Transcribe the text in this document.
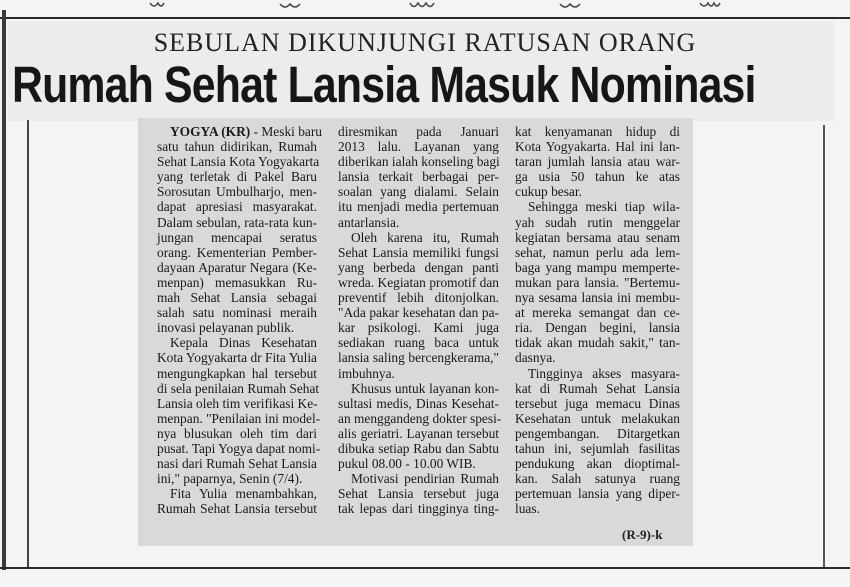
SEBULAN DIKUNJUNGI RATUSAN ORANG
Rumah Sehat Lansia Masuk Nominasi
YOGYA (KR) - Meski baru
satu tahun didirikan, Rumah
Sehat Lansia Kota Yogyakarta
yang terletak di Pakel Baru
Sorosutan Umbulharjo, men-
dapat apresiasi masyarakat.
Dalam sebulan, rata-rata kun-
jungan mencapai seratus
orang. Kementerian Pember-
dayaan Aparatur Negara (Ke-
menpan) memasukkan Ru-
mah Sehat Lansia sebagai
salah satu nominasi meraih
inovasi pelayanan publik.
Kepala Dinas Kesehatan
Kota Yogyakarta dr Fita Yulia
mengungkapkan hal tersebut
di sela penilaian Rumah Sehat
Lansia oleh tim verifikasi Ke-
menpan. "Penilaian ini model-
nya blusukan oleh tim dari
pusat. Tapi Yogya dapat nomi-
nasi dari Rumah Sehat Lansia
ini," paparnya, Senin (7/4).
Fita Yulia menambahkan,
Rumah Sehat Lansia tersebut
diresmikan pada Januari
2013 lalu. Layanan yang
diberikan ialah konseling bagi
lansia terkait berbagai per-
soalan yang dialami. Selain
itu menjadi media pertemuan
antarlansia.
Oleh karena itu, Rumah
Sehat Lansia memiliki fungsi
yang berbeda dengan panti
wreda. Kegiatan promotif dan
preventif lebih ditonjolkan.
"Ada pakar kesehatan dan pa-
kar psikologi. Kami juga
sediakan ruang baca untuk
lansia saling bercengkerama,"
imbuhnya.
Khusus untuk layanan kon-
sultasi medis, Dinas Kesehat-
an menggandeng dokter spesi-
alis geriatri. Layanan tersebut
dibuka setiap Rabu dan Sabtu
pukul 08.00 - 10.00 WIB.
Motivasi pendirian Rumah
Sehat Lansia tersebut juga
tak lepas dari tingginya ting-
kat kenyamanan hidup di
Kota Yogyakarta. Hal ini lan-
taran jumlah lansia atau war-
ga usia 50 tahun ke atas
cukup besar.
Sehingga meski tiap wila-
yah sudah rutin menggelar
kegiatan bersama atau senam
sehat, namun perlu ada lem-
baga yang mampu memperte-
mukan para lansia. "Bertemu-
nya sesama lansia ini membu-
at mereka semangat dan ce-
ria. Dengan begini, lansia
tidak akan mudah sakit," tan-
dasnya.
Tingginya akses masyara-
kat di Rumah Sehat Lansia
tersebut juga memacu Dinas
Kesehatan untuk melakukan
pengembangan. Ditargetkan
tahun ini, sejumlah fasilitas
pendukung akan dioptimal-
kan. Salah satunya ruang
pertemuan lansia yang diper-
luas.
(R-9)-k
